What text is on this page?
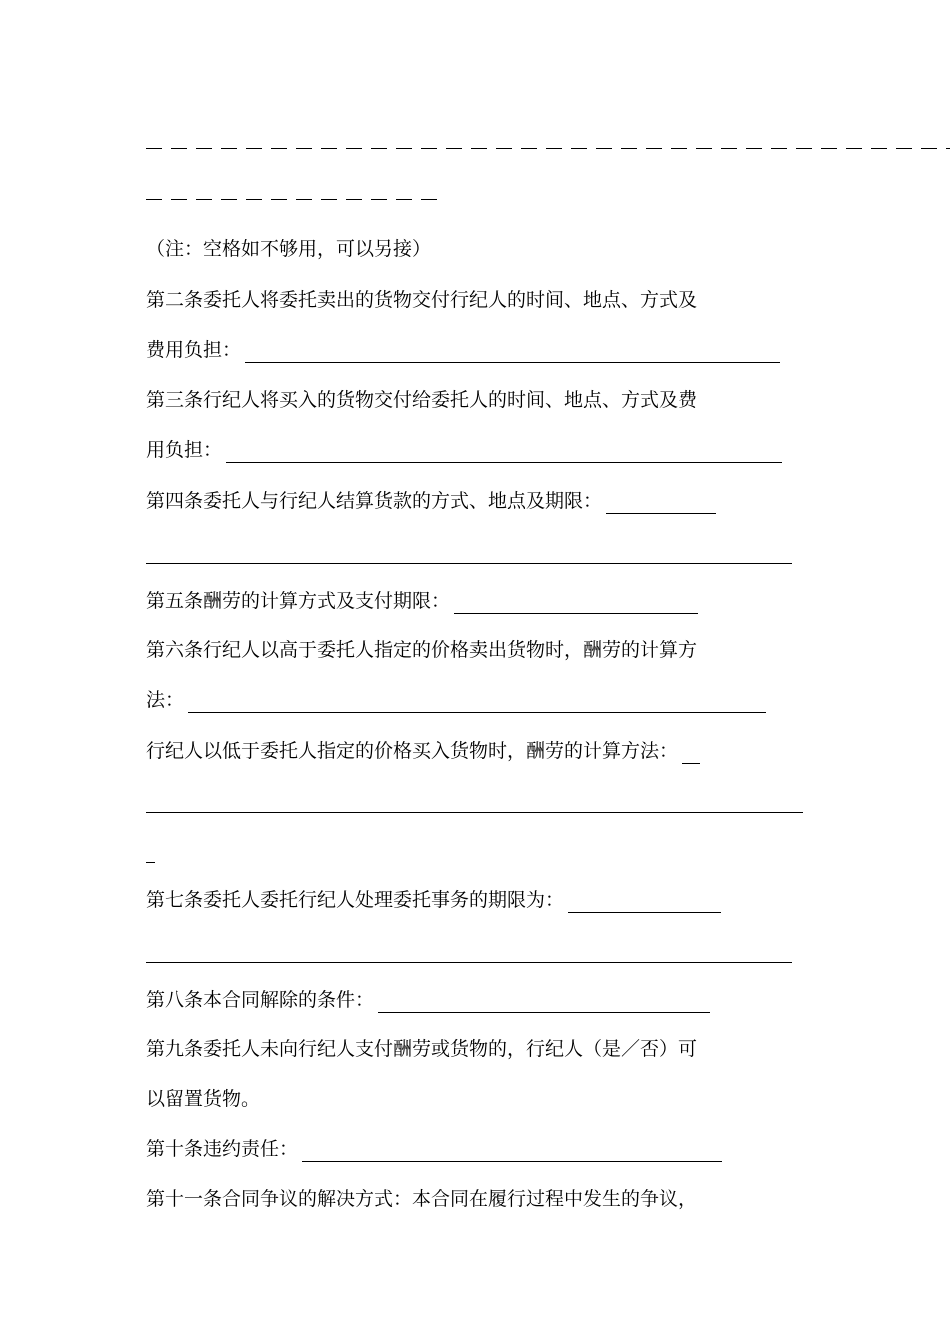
（注：空格如不够用，可以另接）
第二条委托人将委托卖出的货物交付行纪人的时间、地点、方式及
费用负担：
第三条行纪人将买入的货物交付给委托人的时间、地点、方式及费
用负担：
第四条委托人与行纪人结算货款的方式、地点及期限：
第五条酬劳的计算方式及支付期限：
第六条行纪人以高于委托人指定的价格卖出货物时，酬劳的计算方
法：
行纪人以低于委托人指定的价格买入货物时，酬劳的计算方法：
第七条委托人委托行纪人处理委托事务的期限为：
第八条本合同解除的条件：
第九条委托人未向行纪人支付酬劳或货物的，行纪人（是／否）可
以留置货物。
第十条违约责任：
第十一条合同争议的解决方式：本合同在履行过程中发生的争议，
